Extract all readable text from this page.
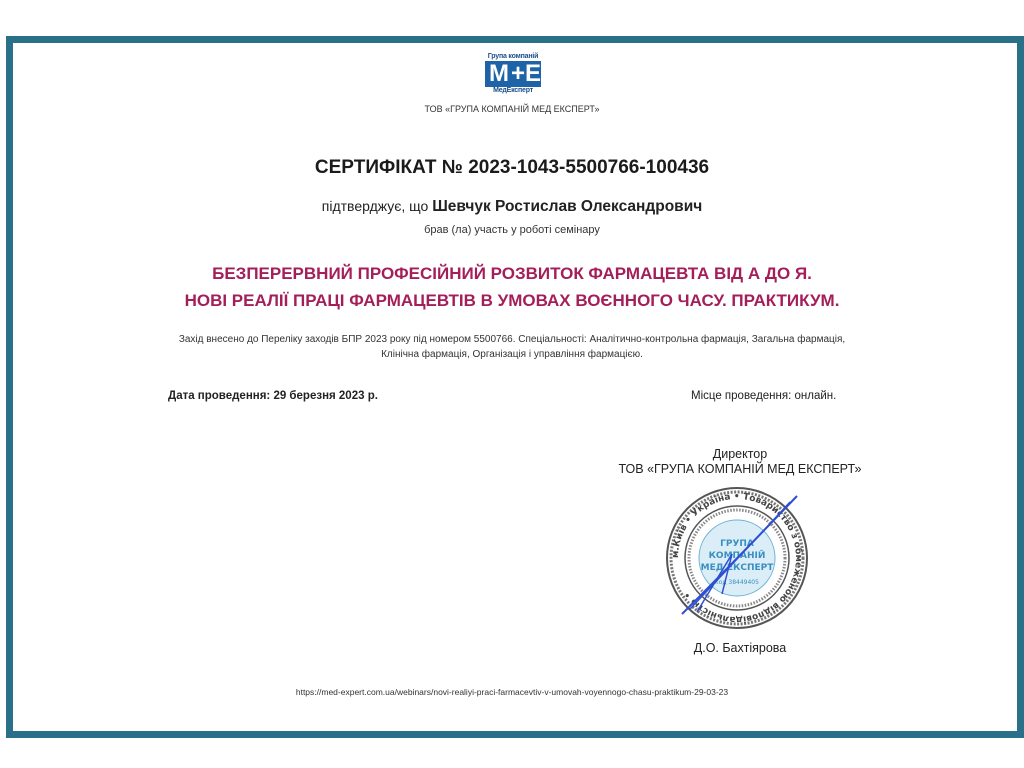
Група компаній
M +E
МедЕксперт
ТОВ «ГРУПА КОМПАНІЙ МЕД ЕКСПЕРТ»
СЕРТИФІКАТ № 2023-1043-5500766-100436
підтверджує, що Шевчук Ростислав Олександрович
брав (ла) участь у роботі семінару
БЕЗПЕРЕРВНИЙ ПРОФЕСІЙНИЙ РОЗВИТОК ФАРМАЦЕВТА ВІД А ДО Я.
НОВІ РЕАЛІЇ ПРАЦІ ФАРМАЦЕВТІВ В УМОВАХ ВОЄННОГО ЧАСУ. ПРАКТИКУМ.
Захід внесено до Переліку заходів БПР 2023 року під номером 5500766. Спеціальності: Аналітично-контрольна фармація, Загальна фармація,
Клінічна фармація, Організація і управління фармацією.
Дата проведення: 29 березня 2023 р.	Місце проведення: онлайн.
Директор
ТОВ «ГРУПА КОМПАНІЙ МЕД ЕКСПЕРТ»
м.Київ • Україна • Товариство з обмеженою відповідальністю •
ГРУПА
КОМПАНІЙ
МЕД ЕКСПЕРТ
код 38449405
Д.О. Бахтіярова
https://med-expert.com.ua/webinars/novi-realiyi-praci-farmacevtiv-v-umovah-voyennogo-chasu-praktikum-29-03-23
